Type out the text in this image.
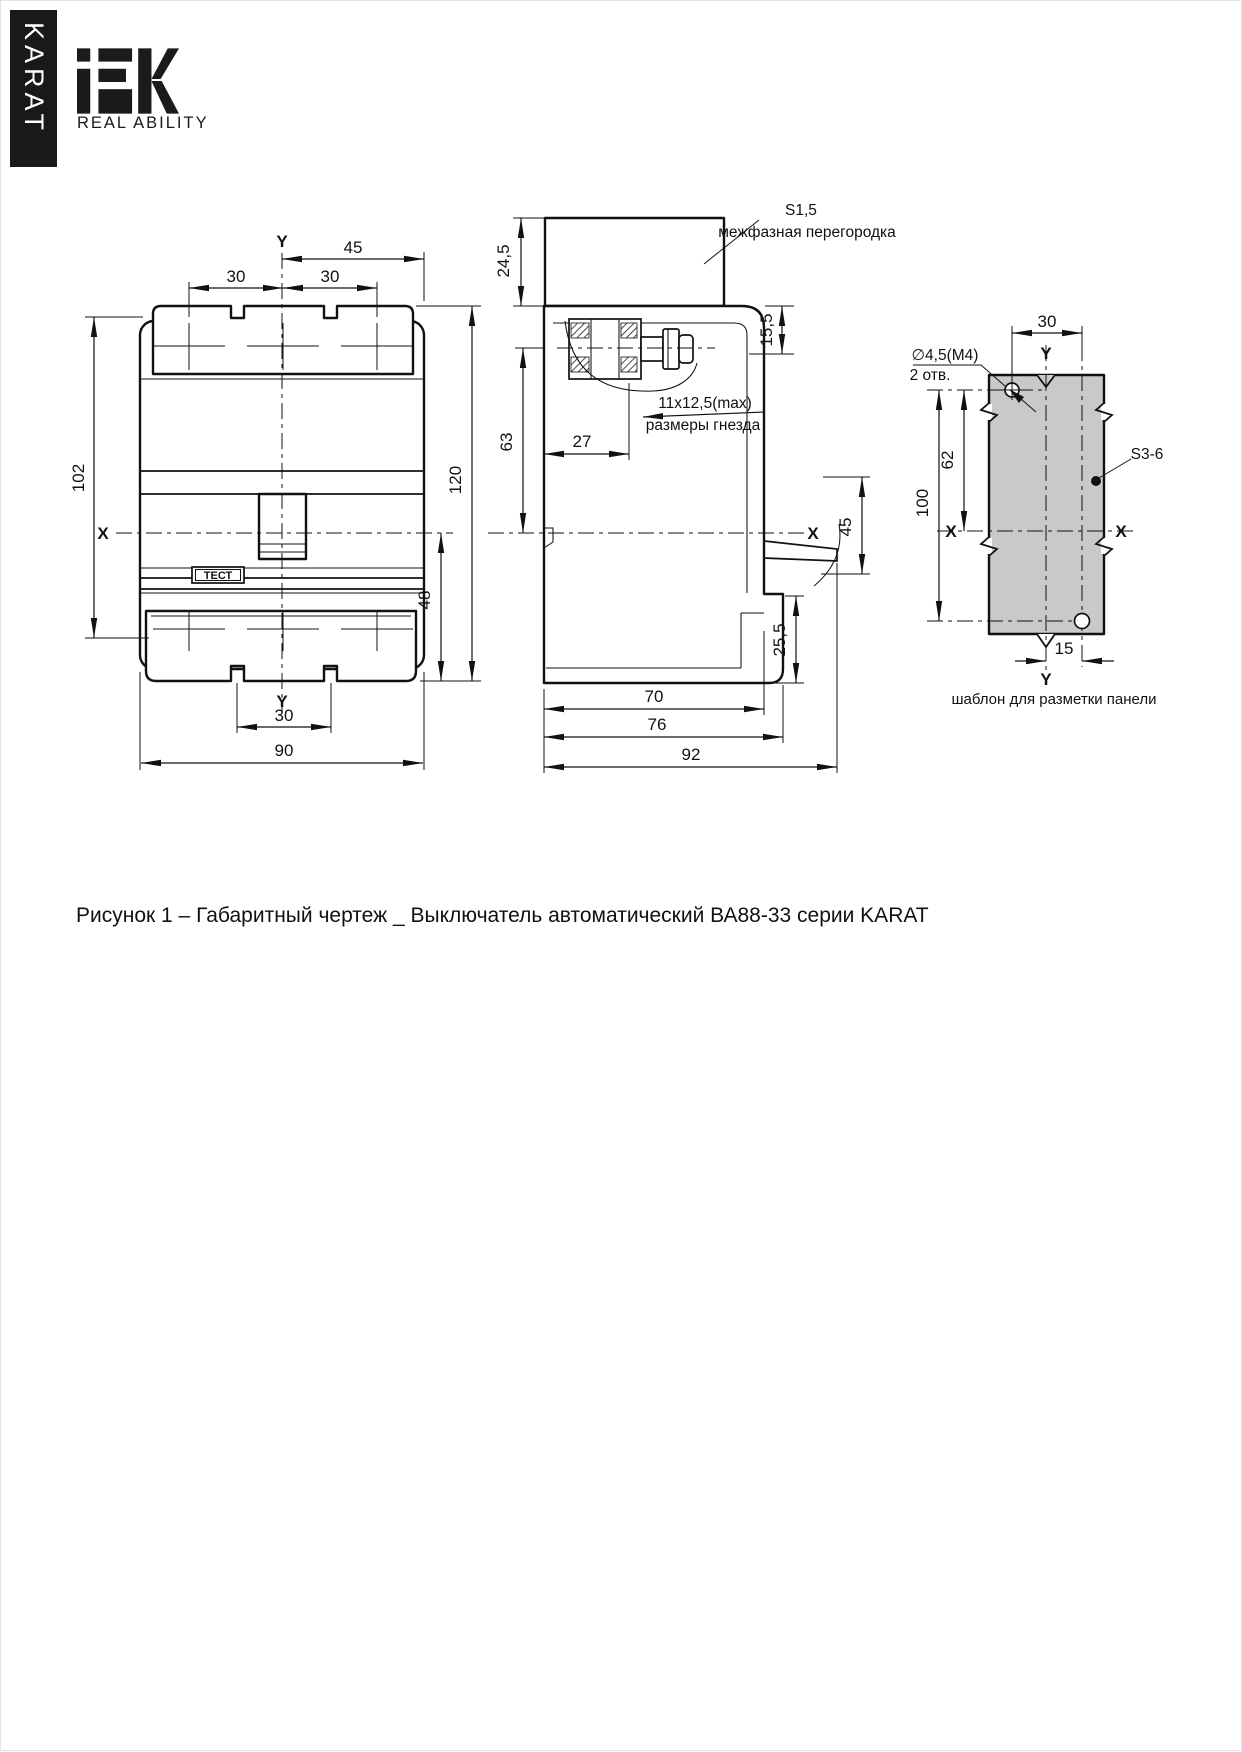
KARAT REAL ABILITY
ТЕСТ
Y
Y
X
45
30	30
102	120
48
30
90
X
S1,5
межфазная перегородка
11x12,5(max)
размеры гнезда
24,5
15,5
63	27
45
25,5
70
76
92
∅4,5(M4)
2 отв.
S3-6
Y
Y
X	X
30
62
100
15
шаблон для разметки панели
Рисунок 1 – Габаритный чертеж _ Выключатель автоматический ВА88-33 серии KARAT
